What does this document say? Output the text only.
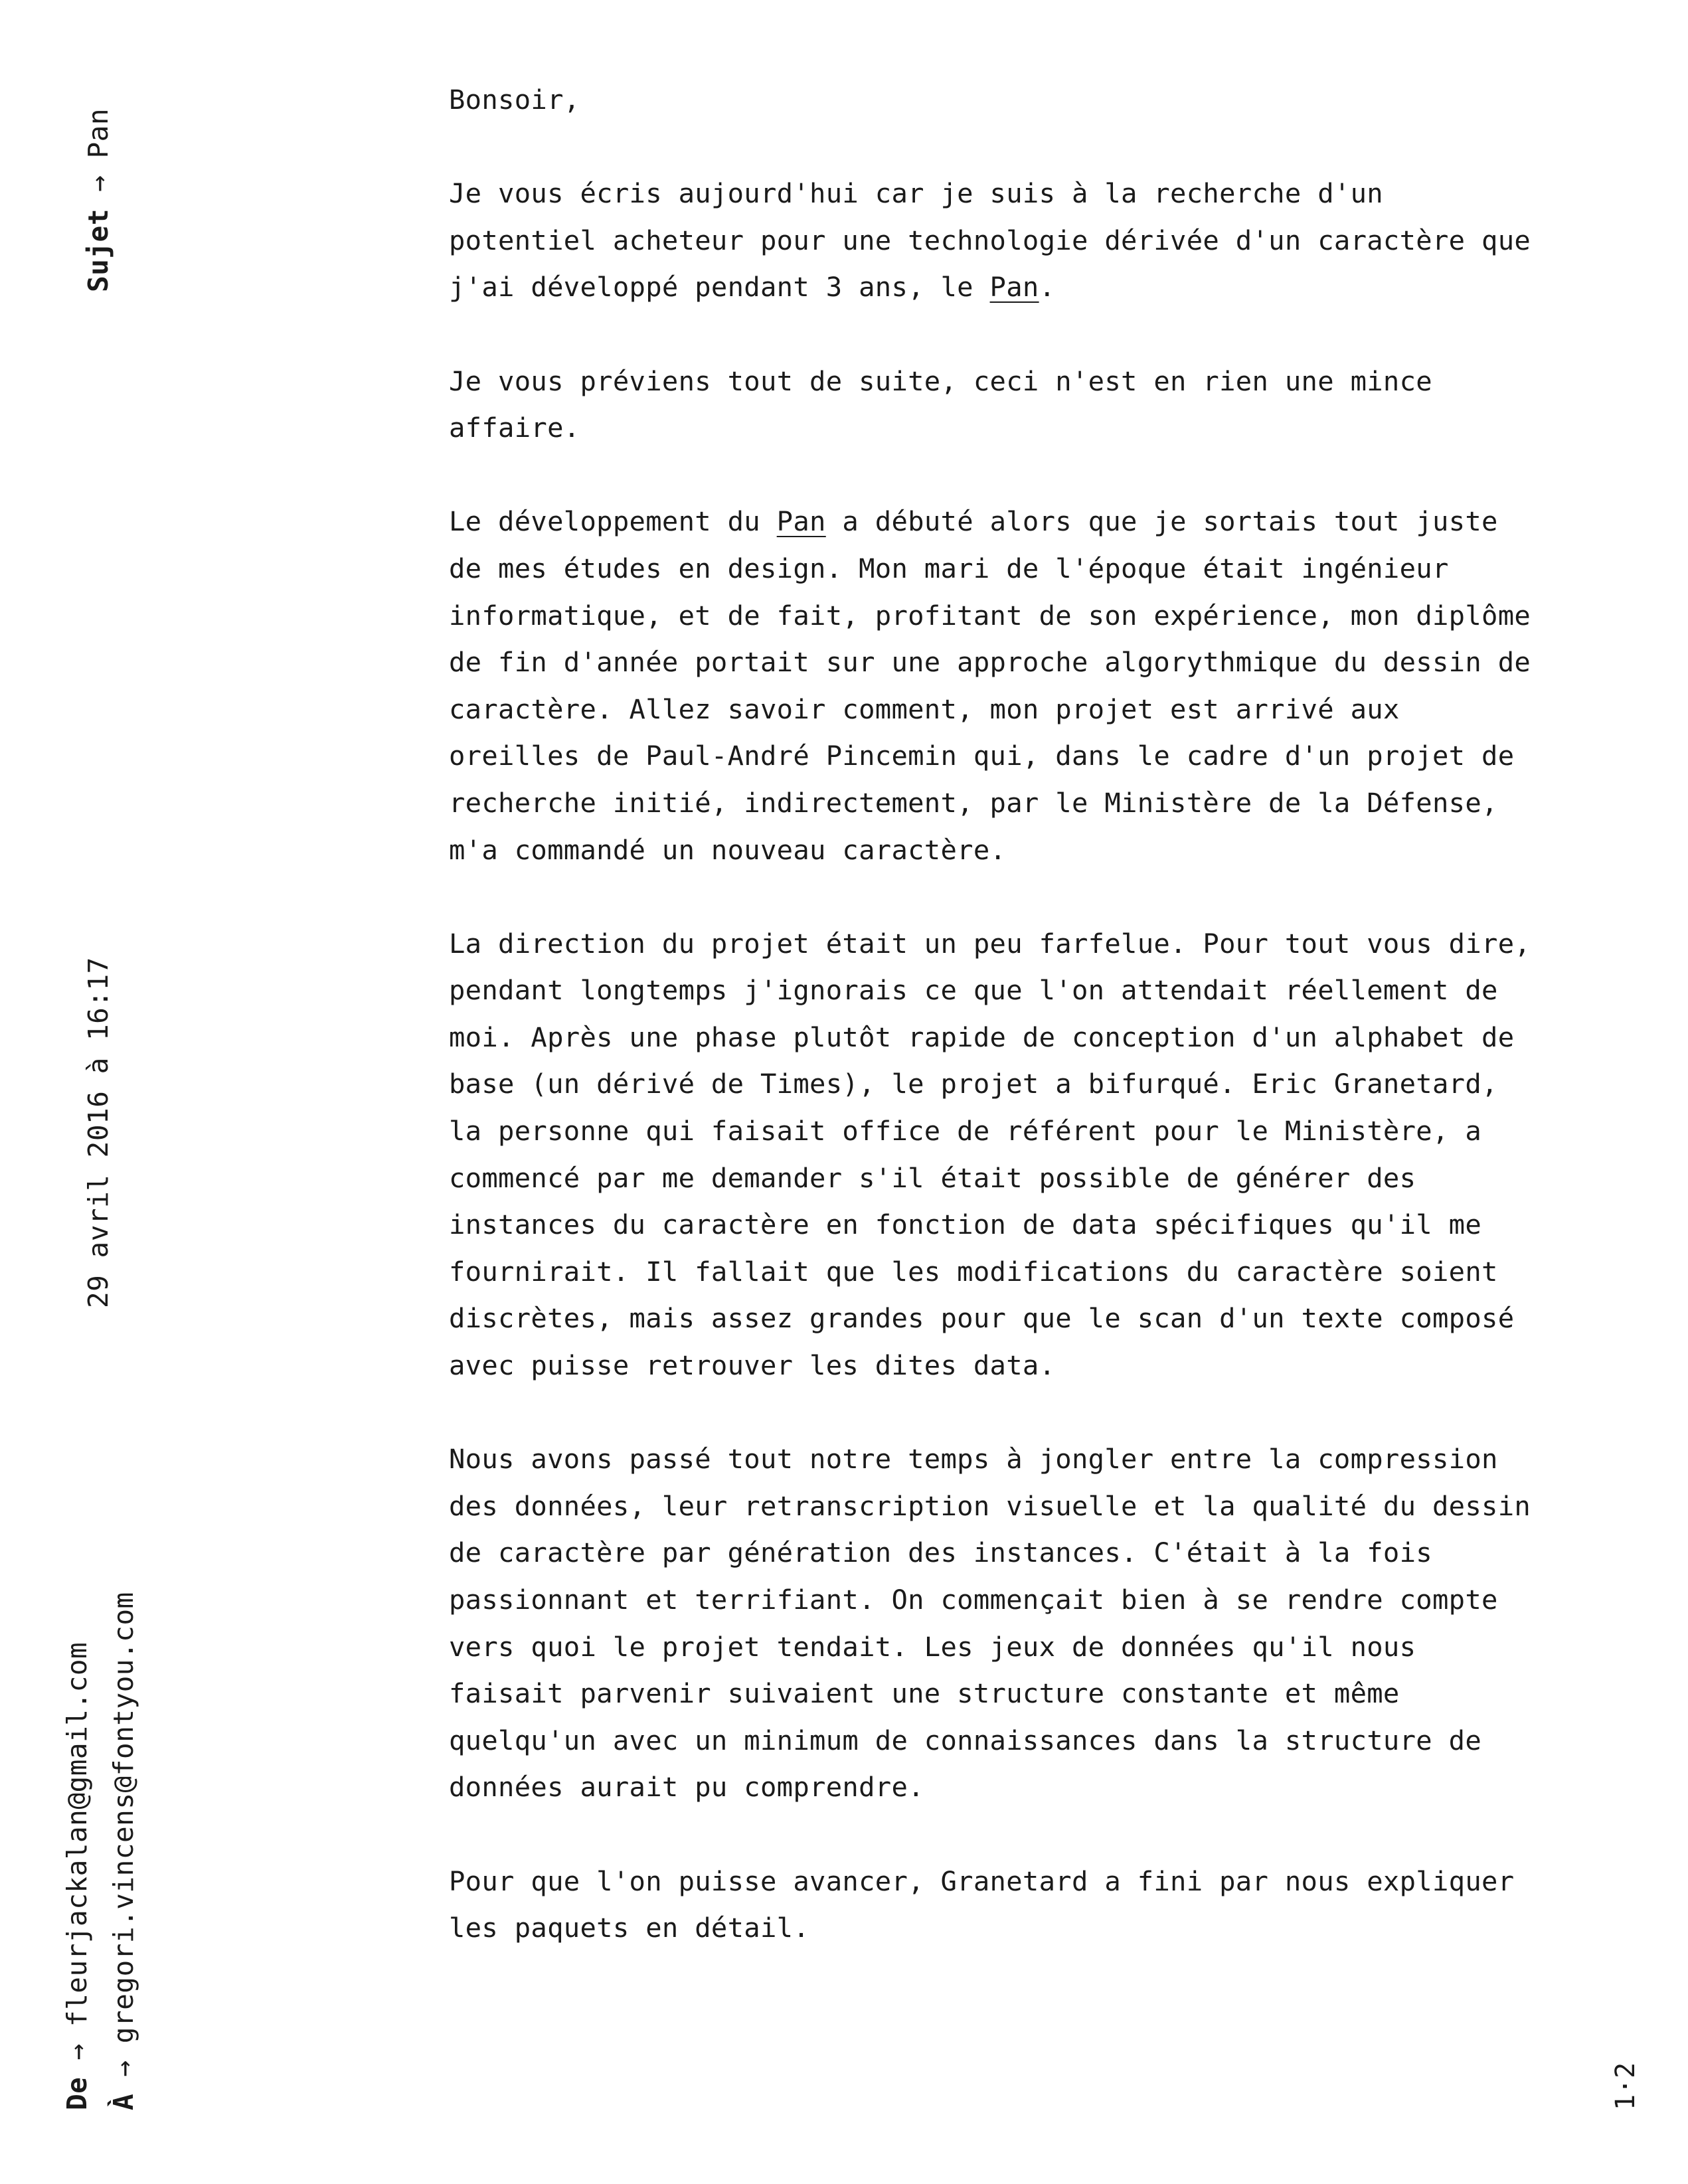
Sujet → Pan
29 avril 2016 à 16:17
De → fleurjackalan@gmail.com
À → gregori.vincens@fontyou.com
1·2

Bonsoir,

Je vous écris aujourd'hui car je suis à la recherche d'un
potentiel acheteur pour une technologie dérivée d'un caractère que
j'ai développé pendant 3 ans, le Pan.

Je vous préviens tout de suite, ceci n'est en rien une mince
affaire.

Le développement du Pan a débuté alors que je sortais tout juste
de mes études en design. Mon mari de l'époque était ingénieur
informatique, et de fait, profitant de son expérience, mon diplôme
de fin d'année portait sur une approche algorythmique du dessin de
caractère. Allez savoir comment, mon projet est arrivé aux
oreilles de Paul-André Pincemin qui, dans le cadre d'un projet de
recherche initié, indirectement, par le Ministère de la Défense,
m'a commandé un nouveau caractère.

La direction du projet était un peu farfelue. Pour tout vous dire,
pendant longtemps j'ignorais ce que l'on attendait réellement de
moi. Après une phase plutôt rapide de conception d'un alphabet de
base (un dérivé de Times), le projet a bifurqué. Eric Granetard,
la personne qui faisait office de référent pour le Ministère, a
commencé par me demander s'il était possible de générer des
instances du caractère en fonction de data spécifiques qu'il me
fournirait. Il fallait que les modifications du caractère soient
discrètes, mais assez grandes pour que le scan d'un texte composé
avec puisse retrouver les dites data.

Nous avons passé tout notre temps à jongler entre la compression
des données, leur retranscription visuelle et la qualité du dessin
de caractère par génération des instances. C'était à la fois
passionnant et terrifiant. On commençait bien à se rendre compte
vers quoi le projet tendait. Les jeux de données qu'il nous
faisait parvenir suivaient une structure constante et même
quelqu'un avec un minimum de connaissances dans la structure de
données aurait pu comprendre.

Pour que l'on puisse avancer, Granetard a fini par nous expliquer
les paquets en détail.
